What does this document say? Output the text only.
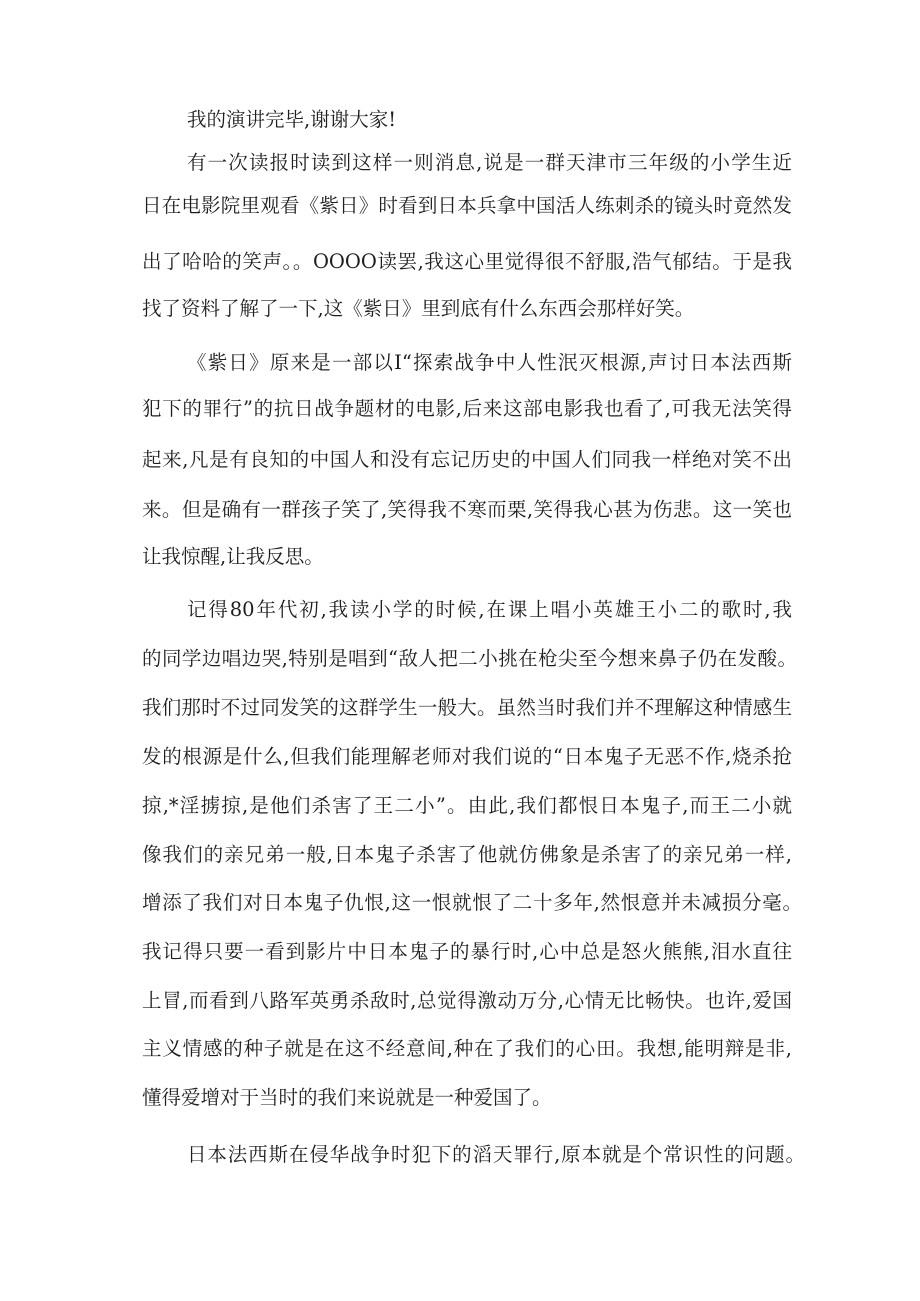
我的演讲完毕,谢谢大家!

有一次读报时读到这样一则消息,说是一群天津市三年级的小学生近

日在电影院里观看《紫日》时看到日本兵拿中国活人练刺杀的镜头时竟然发

出了哈哈的笑声。。OOOO读罢,我这心里觉得很不舒服,浩气郁结。于是我

找了资料了解了一下,这《紫日》里到底有什么东西会那样好笑。

《紫日》原来是一部以I“探索战争中人性泯灭根源,声讨日本法西斯

犯下的罪行”的抗日战争题材的电影,后来这部电影我也看了,可我无法笑得

起来,凡是有良知的中国人和没有忘记历史的中国人们同我一样绝对笑不出

来。但是确有一群孩子笑了,笑得我不寒而栗,笑得我心甚为伤悲。这一笑也

让我惊醒,让我反思。

记得80年代初,我读小学的时候,在课上唱小英雄王小二的歌时,我

的同学边唱边哭,特别是唱到“敌人把二小挑在枪尖至今想来鼻子仍在发酸。

我们那时不过同发笑的这群学生一般大。虽然当时我们并不理解这种情感生

发的根源是什么,但我们能理解老师对我们说的“日本鬼子无恶不作,烧杀抢

掠,*淫掳掠,是他们杀害了王二小”。由此,我们都恨日本鬼子,而王二小就

像我们的亲兄弟一般,日本鬼子杀害了他就仿佛象是杀害了的亲兄弟一样,

增添了我们对日本鬼子仇恨,这一恨就恨了二十多年,然恨意并未减损分毫。

我记得只要一看到影片中日本鬼子的暴行时,心中总是怒火熊熊,泪水直往

上冒,而看到八路军英勇杀敌时,总觉得激动万分,心情无比畅快。也许,爱国

主义情感的种子就是在这不经意间,种在了我们的心田。我想,能明辩是非,

懂得爱增对于当时的我们来说就是一种爱国了。

日本法西斯在侵华战争时犯下的滔天罪行,原本就是个常识性的问题。
